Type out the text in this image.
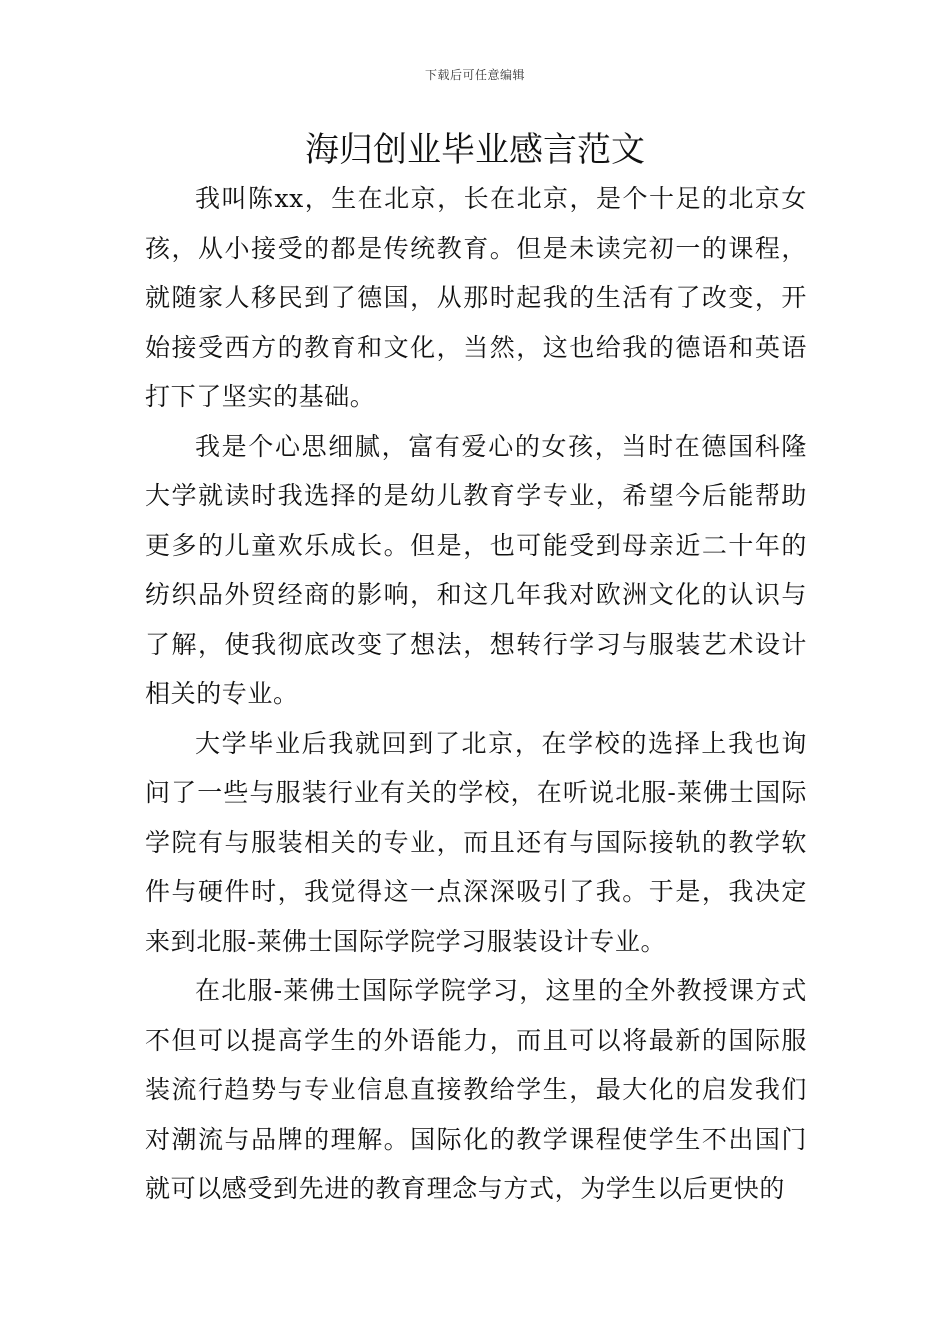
下载后可任意编辑
海归创业毕业感言范文

我叫陈xx，生在北京，长在北京，是个十足的北京女孩，从小接受的都是传统教育。但是未读完初一的课程，就随家人移民到了德国，从那时起我的生活有了改变，开始接受西方的教育和文化，当然，这也给我的德语和英语打下了坚实的基础。

我是个心思细腻，富有爱心的女孩，当时在德国科隆大学就读时我选择的是幼儿教育学专业，希望今后能帮助更多的儿童欢乐成长。但是，也可能受到母亲近二十年的纺织品外贸经商的影响，和这几年我对欧洲文化的认识与了解，使我彻底改变了想法，想转行学习与服装艺术设计相关的专业。

大学毕业后我就回到了北京，在学校的选择上我也询问了一些与服装行业有关的学校，在听说北服-莱佛士国际学院有与服装相关的专业，而且还有与国际接轨的教学软件与硬件时，我觉得这一点深深吸引了我。于是，我决定来到北服-莱佛士国际学院学习服装设计专业。

在北服-莱佛士国际学院学习，这里的全外教授课方式不但可以提高学生的外语能力，而且可以将最新的国际服装流行趋势与专业信息直接教给学生，最大化的启发我们对潮流与品牌的理解。国际化的教学课程使学生不出国门就可以感受到先进的教育理念与方式，为学生以后更快的
